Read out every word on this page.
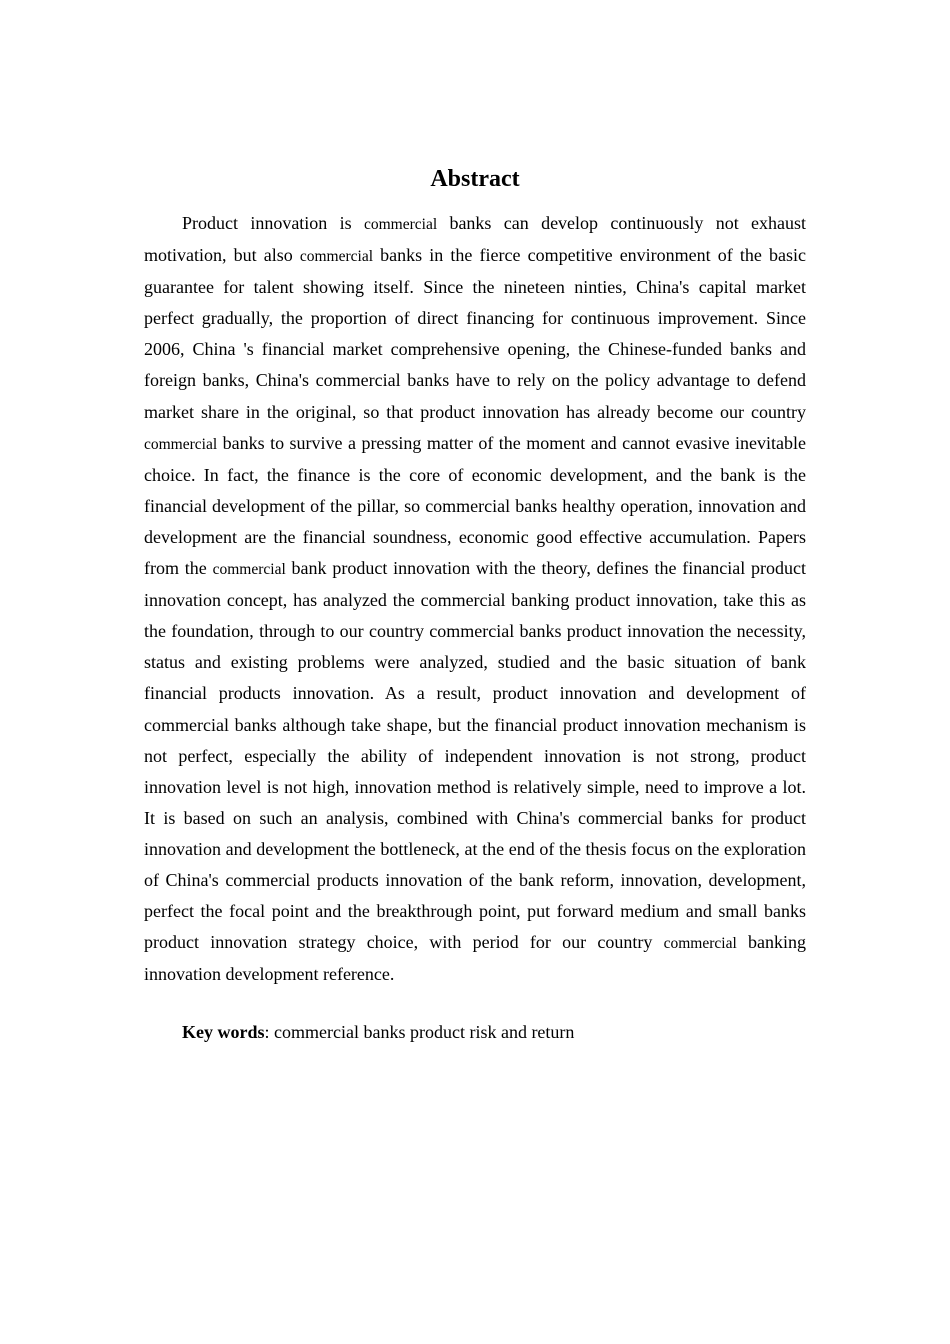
Abstract

Product innovation is commercial banks can develop continuously not exhaust motivation, but also commercial banks in the fierce competitive environment of the basic guarantee for talent showing itself. Since the nineteen ninties, China's capital market perfect gradually, the proportion of direct financing for continuous improvement. Since 2006, China 's financial market comprehensive opening, the Chinese-funded banks and foreign banks, China's commercial banks have to rely on the policy advantage to defend market share in the original, so that product innovation has already become our country commercial banks to survive a pressing matter of the moment and cannot evasive inevitable choice. In fact, the finance is the core of economic development, and the bank is the financial development of the pillar, so commercial banks healthy operation, innovation and development are the financial soundness, economic good effective accumulation. Papers from the commercial bank product innovation with the theory, defines the financial product innovation concept, has analyzed the commercial banking product innovation, take this as the foundation, through to our country commercial banks product innovation the necessity, status and existing problems were analyzed, studied and the basic situation of bank financial products innovation. As a result, product innovation and development of commercial banks although take shape, but the financial product innovation mechanism is not perfect, especially the ability of independent innovation is not strong, product innovation level is not high, innovation method is relatively simple, need to improve a lot. It is based on such an analysis, combined with China's commercial banks for product innovation and development the bottleneck, at the end of the thesis focus on the exploration of China's commercial products innovation of the bank reform, innovation, development, perfect the focal point and the breakthrough point, put forward medium and small banks product innovation strategy choice, with period for our country commercial banking innovation development reference.

Key words: commercial banks product risk and return
